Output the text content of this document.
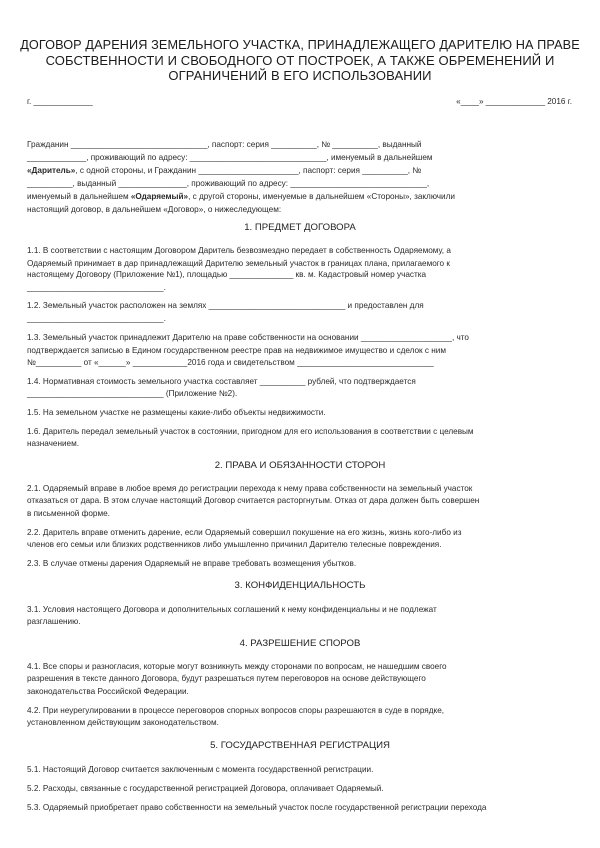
ДОГОВОР ДАРЕНИЯ ЗЕМЕЛЬНОГО УЧАСТКА, ПРИНАДЛЕЖАЩЕГО ДАРИТЕЛЮ НА ПРАВЕ
СОБСТВЕННОСТИ И СВОБОДНОГО ОТ ПОСТРОЕК, А ТАКЖЕ ОБРЕМЕНЕНИЙ И
ОГРАНИЧЕНИЙ В ЕГО ИСПОЛЬЗОВАНИИ
г. _____________	«____» _____________ 2016 г.
Гражданин ______________________________, паспорт: серия __________, № __________, выданный
_____________, проживающий по адресу: ______________________________, именуемый в дальнейшем
«Даритель», с одной стороны, и Гражданин ______________________, паспорт: серия __________, №
__________, выданный _______________, проживающий по адресу: ______________________________,
именуемый в дальнейшем «Одаряемый», с другой стороны, именуемые в дальнейшем «Стороны», заключили
настоящий договор, в дальнейшем «Договор», о нижеследующем:
1. ПРЕДМЕТ ДОГОВОРА
1.1. В соответствии с настоящим Договором Даритель безвозмездно передает в собственность Одаряемому, а
Одаряемый принимает в дар принадлежащий Дарителю земельный участок в границах плана, прилагаемого к
настоящему Договору (Приложение №1), площадью ______________ кв. м. Кадастровый номер участка
______________________________.
1.2. Земельный участок расположен на землях ______________________________ и предоставлен для
______________________________.
1.3. Земельный участок принадлежит Дарителю на праве собственности на основании ____________________, что
подтверждается записью в Едином государственном реестре прав на недвижимое имущество и сделок с ним
№__________ от «______» ____________2016 года и свидетельством ______________________________
1.4. Нормативная стоимость земельного участка составляет __________ рублей, что подтверждается
______________________________ (Приложение №2).
1.5. На земельном участке не размещены какие-либо объекты недвижимости.
1.6. Даритель передал земельный участок в состоянии, пригодном для его использования в соответствии с целевым
назначением.
2. ПРАВА И ОБЯЗАННОСТИ СТОРОН
2.1. Одаряемый вправе в любое время до регистрации перехода к нему права собственности на земельный участок
отказаться от дара. В этом случае настоящий Договор считается расторгнутым. Отказ от дара должен быть совершен
в письменной форме.
2.2. Даритель вправе отменить дарение, если Одаряемый совершил покушение на его жизнь, жизнь кого-либо из
членов его семьи или близких родственников либо умышленно причинил Дарителю телесные повреждения.
2.3. В случае отмены дарения Одаряемый не вправе требовать возмещения убытков.
3. КОНФИДЕНЦИАЛЬНОСТЬ
3.1. Условия настоящего Договора и дополнительных соглашений к нему конфиденциальны и не подлежат
разглашению.
4. РАЗРЕШЕНИЕ СПОРОВ
4.1. Все споры и разногласия, которые могут возникнуть между сторонами по вопросам, не нашедшим своего
разрешения в тексте данного Договора, будут разрешаться путем переговоров на основе действующего
законодательства Российской Федерации.
4.2. При неурегулировании в процессе переговоров спорных вопросов споры разрешаются в суде в порядке,
установленном действующим законодательством.
5. ГОСУДАРСТВЕННАЯ РЕГИСТРАЦИЯ
5.1. Настоящий Договор считается заключенным с момента государственной регистрации.
5.2. Расходы, связанные с государственной регистрацией Договора, оплачивает Одаряемый.
5.3. Одаряемый приобретает право собственности на земельный участок после государственной регистрации перехода
